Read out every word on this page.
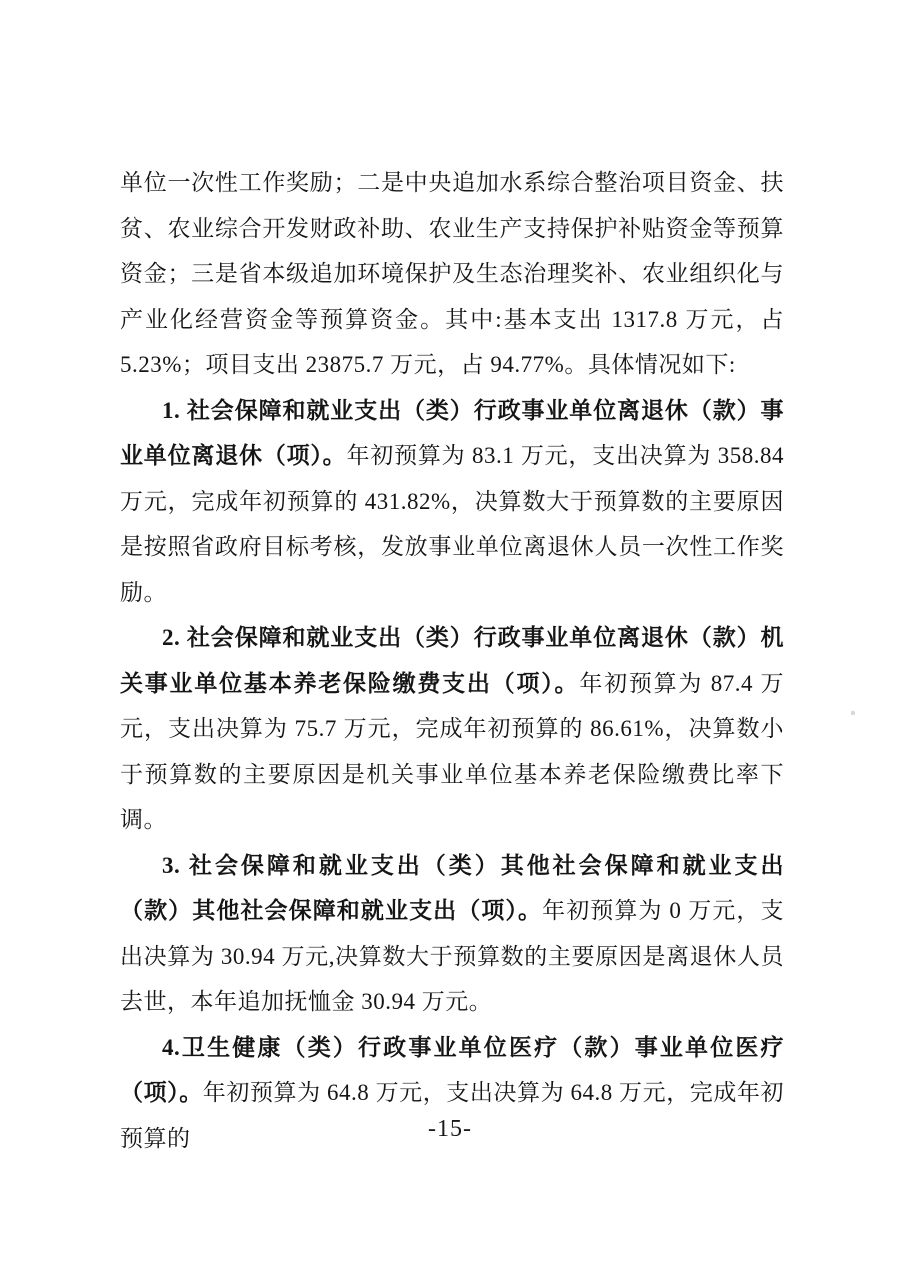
单位一次性工作奖励；二是中央追加水系综合整治项目资金、扶贫、农业综合开发财政补助、农业生产支持保护补贴资金等预算资金；三是省本级追加环境保护及生态治理奖补、农业组织化与产业化经营资金等预算资金。其中:基本支出 1317.8 万元，占 5.23%；项目支出 23875.7 万元，占 94.77%。具体情况如下:

1. 社会保障和就业支出（类）行政事业单位离退休（款）事业单位离退休（项）。年初预算为 83.1 万元，支出决算为 358.84 万元，完成年初预算的 431.82%，决算数大于预算数的主要原因是按照省政府目标考核，发放事业单位离退休人员一次性工作奖励。

2. 社会保障和就业支出（类）行政事业单位离退休（款）机关事业单位基本养老保险缴费支出（项）。年初预算为 87.4 万元，支出决算为 75.7 万元，完成年初预算的 86.61%，决算数小于预算数的主要原因是机关事业单位基本养老保险缴费比率下调。

3. 社会保障和就业支出（类）其他社会保障和就业支出（款）其他社会保障和就业支出（项）。年初预算为 0 万元，支出决算为 30.94 万元,决算数大于预算数的主要原因是离退休人员去世，本年追加抚恤金 30.94 万元。

4.卫生健康（类）行政事业单位医疗（款）事业单位医疗（项）。年初预算为 64.8 万元，支出决算为 64.8 万元，完成年初预算的	-15-
